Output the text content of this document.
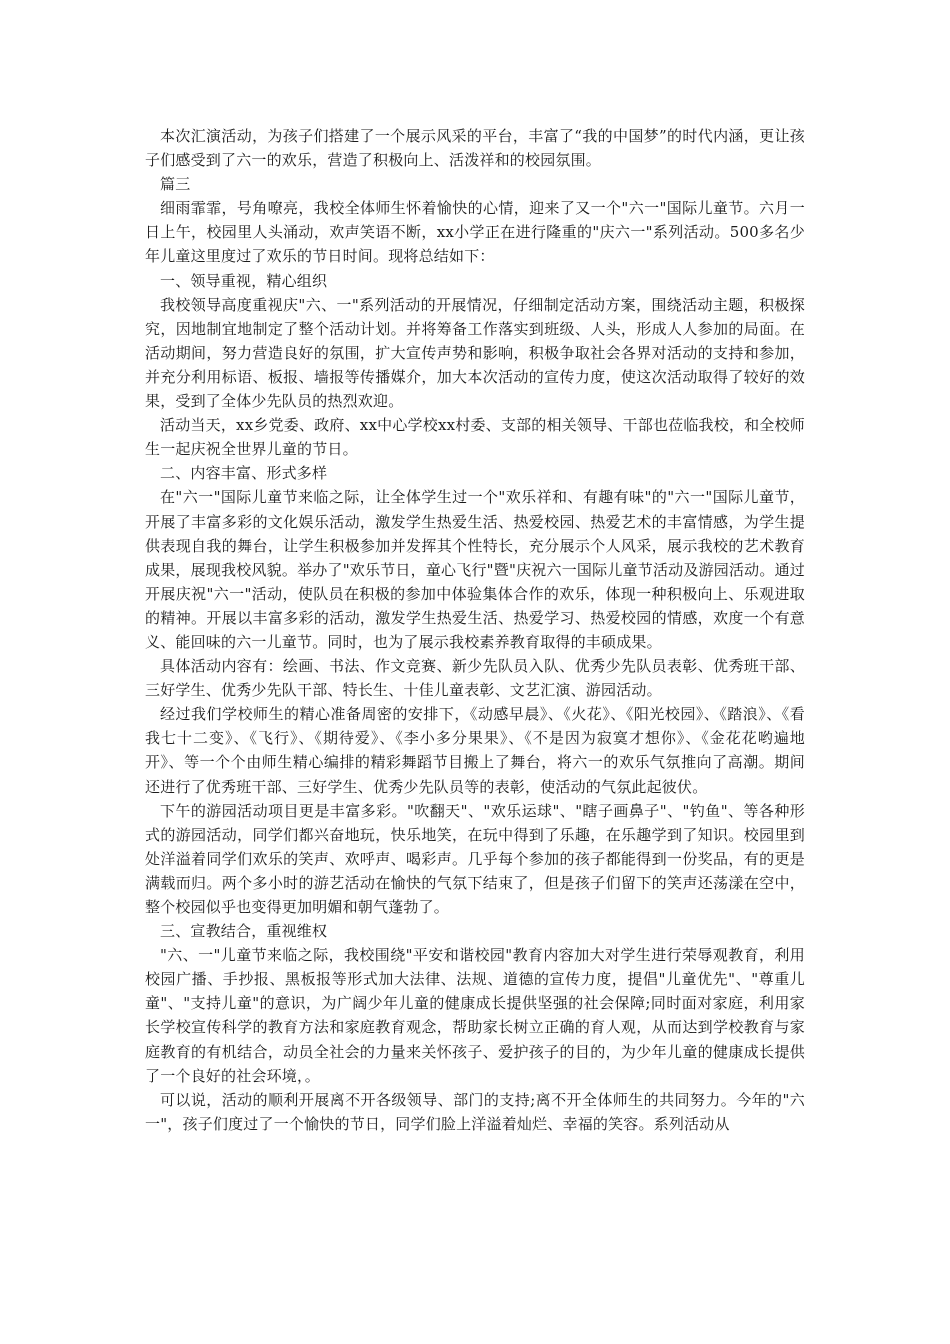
本次汇演活动，为孩子们搭建了一个展示风采的平台，丰富了“我的中国梦”的时代内涵，更让孩子们感受到了六一的欢乐，营造了积极向上、活泼祥和的校园氛围。

篇三

细雨霏霏，号角嘹亮，我校全体师生怀着愉快的心情，迎来了又一个"六一"国际儿童节。六月一日上午，校园里人头涌动，欢声笑语不断，xx小学正在进行隆重的"庆六一"系列活动。500多名少年儿童这里度过了欢乐的节日时间。现将总结如下：

一、领导重视，精心组织

我校领导高度重视庆"六、一"系列活动的开展情况，仔细制定活动方案，围绕活动主题，积极探究，因地制宜地制定了整个活动计划。并将筹备工作落实到班级、人头，形成人人参加的局面。在活动期间，努力营造良好的氛围，扩大宣传声势和影响，积极争取社会各界对活动的支持和参加，并充分利用标语、板报、墙报等传播媒介，加大本次活动的宣传力度，使这次活动取得了较好的效果，受到了全体少先队员的热烈欢迎。

活动当天，xx乡党委、政府、xx中心学校xx村委、支部的相关领导、干部也莅临我校，和全校师生一起庆祝全世界儿童的节日。

二、内容丰富、形式多样

在"六一"国际儿童节来临之际，让全体学生过一个"欢乐祥和、有趣有味"的"六一"国际儿童节，开展了丰富多彩的文化娱乐活动，激发学生热爱生活、热爱校园、热爱艺术的丰富情感，为学生提供表现自我的舞台，让学生积极参加并发挥其个性特长，充分展示个人风采，展示我校的艺术教育成果，展现我校风貌。举办了"欢乐节日，童心飞行"暨"庆祝六一国际儿童节活动及游园活动。通过开展庆祝"六一"活动，使队员在积极的参加中体验集体合作的欢乐，体现一种积极向上、乐观进取的精神。开展以丰富多彩的活动，激发学生热爱生活、热爱学习、热爱校园的情感，欢度一个有意义、能回味的六一儿童节。同时，也为了展示我校素养教育取得的丰硕成果。

具体活动内容有：绘画、书法、作文竞赛、新少先队员入队、优秀少先队员表彰、优秀班干部、三好学生、优秀少先队干部、特长生、十佳儿童表彰、文艺汇演、游园活动。

经过我们学校师生的精心准备周密的安排下，《动感早晨》、《火花》、《阳光校园》、《踏浪》、《看我七十二变》、《飞行》、《期待爱》、《李小多分果果》、《不是因为寂寞才想你》、《金花花哟遍地开》、等一个个由师生精心编排的精彩舞蹈节目搬上了舞台，将六一的欢乐气氛推向了高潮。期间还进行了优秀班干部、三好学生、优秀少先队员等的表彰，使活动的气氛此起彼伏。

下午的游园活动项目更是丰富多彩。"吹翻天"、"欢乐运球"、"瞎子画鼻子"、"钓鱼"、等各种形式的游园活动，同学们都兴奋地玩，快乐地笑，在玩中得到了乐趣，在乐趣学到了知识。校园里到处洋溢着同学们欢乐的笑声、欢呼声、喝彩声。几乎每个参加的孩子都能得到一份奖品，有的更是满载而归。两个多小时的游艺活动在愉快的气氛下结束了，但是孩子们留下的笑声还荡漾在空中，整个校园似乎也变得更加明媚和朝气蓬勃了。

三、宣教结合，重视维权

"六、一"儿童节来临之际，我校围绕"平安和谐校园"教育内容加大对学生进行荣辱观教育，利用校园广播、手抄报、黑板报等形式加大法律、法规、道德的宣传力度，提倡"儿童优先"、"尊重儿童"、"支持儿童"的意识，为广阔少年儿童的健康成长提供坚强的社会保障;同时面对家庭，利用家长学校宣传科学的教育方法和家庭教育观念，帮助家长树立正确的育人观，从而达到学校教育与家庭教育的有机结合，动员全社会的力量来关怀孩子、爱护孩子的目的，为少年儿童的健康成长提供了一个良好的社会环境，。

可以说，活动的顺利开展离不开各级领导、部门的支持;离不开全体师生的共同努力。今年的"六一"，孩子们度过了一个愉快的节日，同学们脸上洋溢着灿烂、幸福的笑容。系列活动从
